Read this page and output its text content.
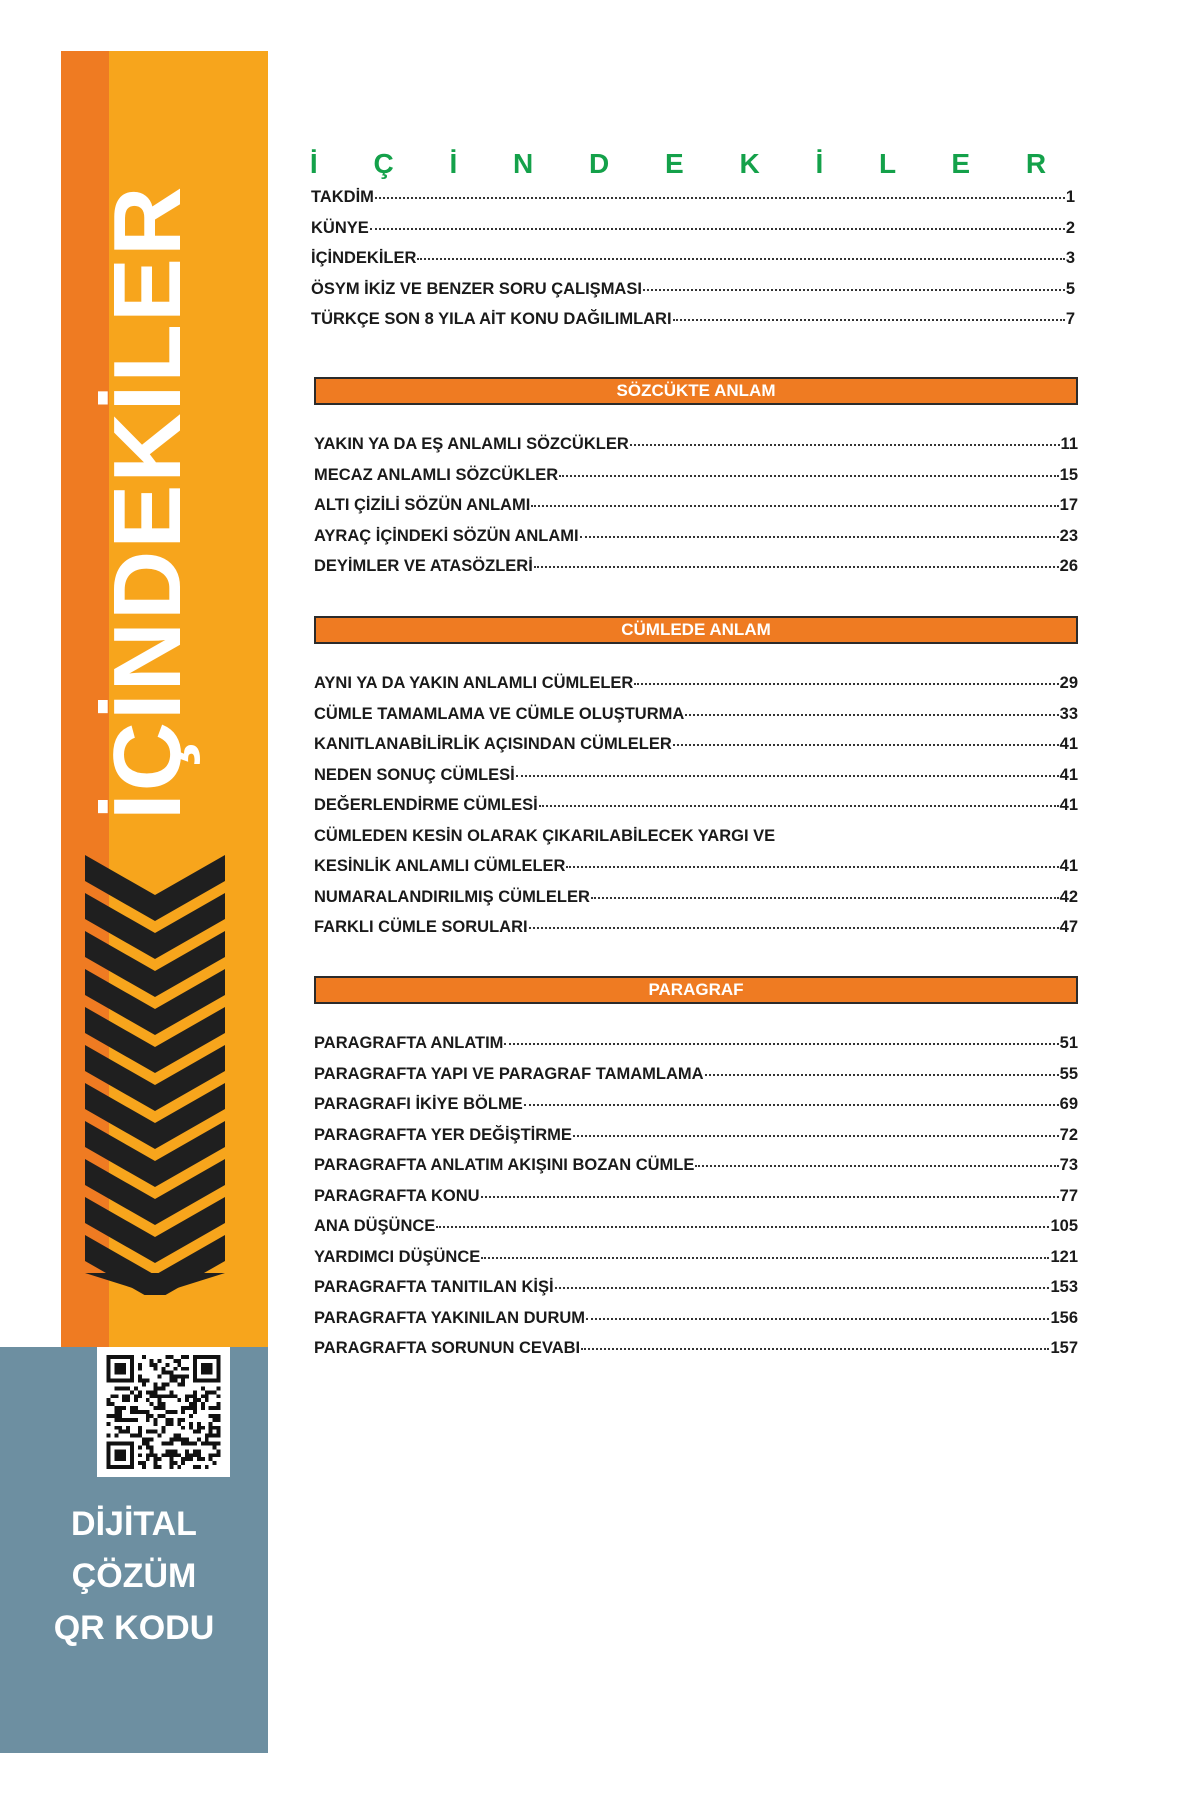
İÇİNDEKİLER
DİJİTAL
ÇÖZÜM
QR KODU
İ Ç İ N D E K İ L E R
TAKDİM	1
KÜNYE	2
İÇİNDEKİLER	3
ÖSYM İKİZ VE BENZER SORU ÇALIŞMASI	5
TÜRKÇE SON 8 YILA AİT KONU DAĞILIMLARI	7
SÖZCÜKTE ANLAM
YAKIN YA DA EŞ ANLAMLI SÖZCÜKLER	11
MECAZ ANLAMLI SÖZCÜKLER	15
ALTI ÇİZİLİ SÖZÜN ANLAMI	17
AYRAÇ İÇİNDEKİ SÖZÜN ANLAMI	23
DEYİMLER VE ATASÖZLERİ	26
CÜMLEDE ANLAM
AYNI YA DA YAKIN ANLAMLI CÜMLELER	29
CÜMLE TAMAMLAMA VE CÜMLE OLUŞTURMA	33
KANITLANABİLİRLİK AÇISINDAN CÜMLELER	41
NEDEN SONUÇ CÜMLESİ	41
DEĞERLENDİRME CÜMLESİ	41
CÜMLEDEN KESİN OLARAK ÇIKARILABİLECEK YARGI VE
KESİNLİK ANLAMLI CÜMLELER	41
NUMARALANDIRILMIŞ CÜMLELER	42
FARKLI CÜMLE SORULARI	47
PARAGRAF
PARAGRAFTA ANLATIM	51
PARAGRAFTA YAPI VE PARAGRAF TAMAMLAMA	55
PARAGRAFI İKİYE BÖLME	69
PARAGRAFTA YER DEĞİŞTİRME	72
PARAGRAFTA ANLATIM AKIŞINI BOZAN CÜMLE	73
PARAGRAFTA KONU	77
ANA DÜŞÜNCE	105
YARDIMCI DÜŞÜNCE	121
PARAGRAFTA TANITILAN KİŞİ	153
PARAGRAFTA YAKINILAN DURUM	156
PARAGRAFTA SORUNUN CEVABI	157
